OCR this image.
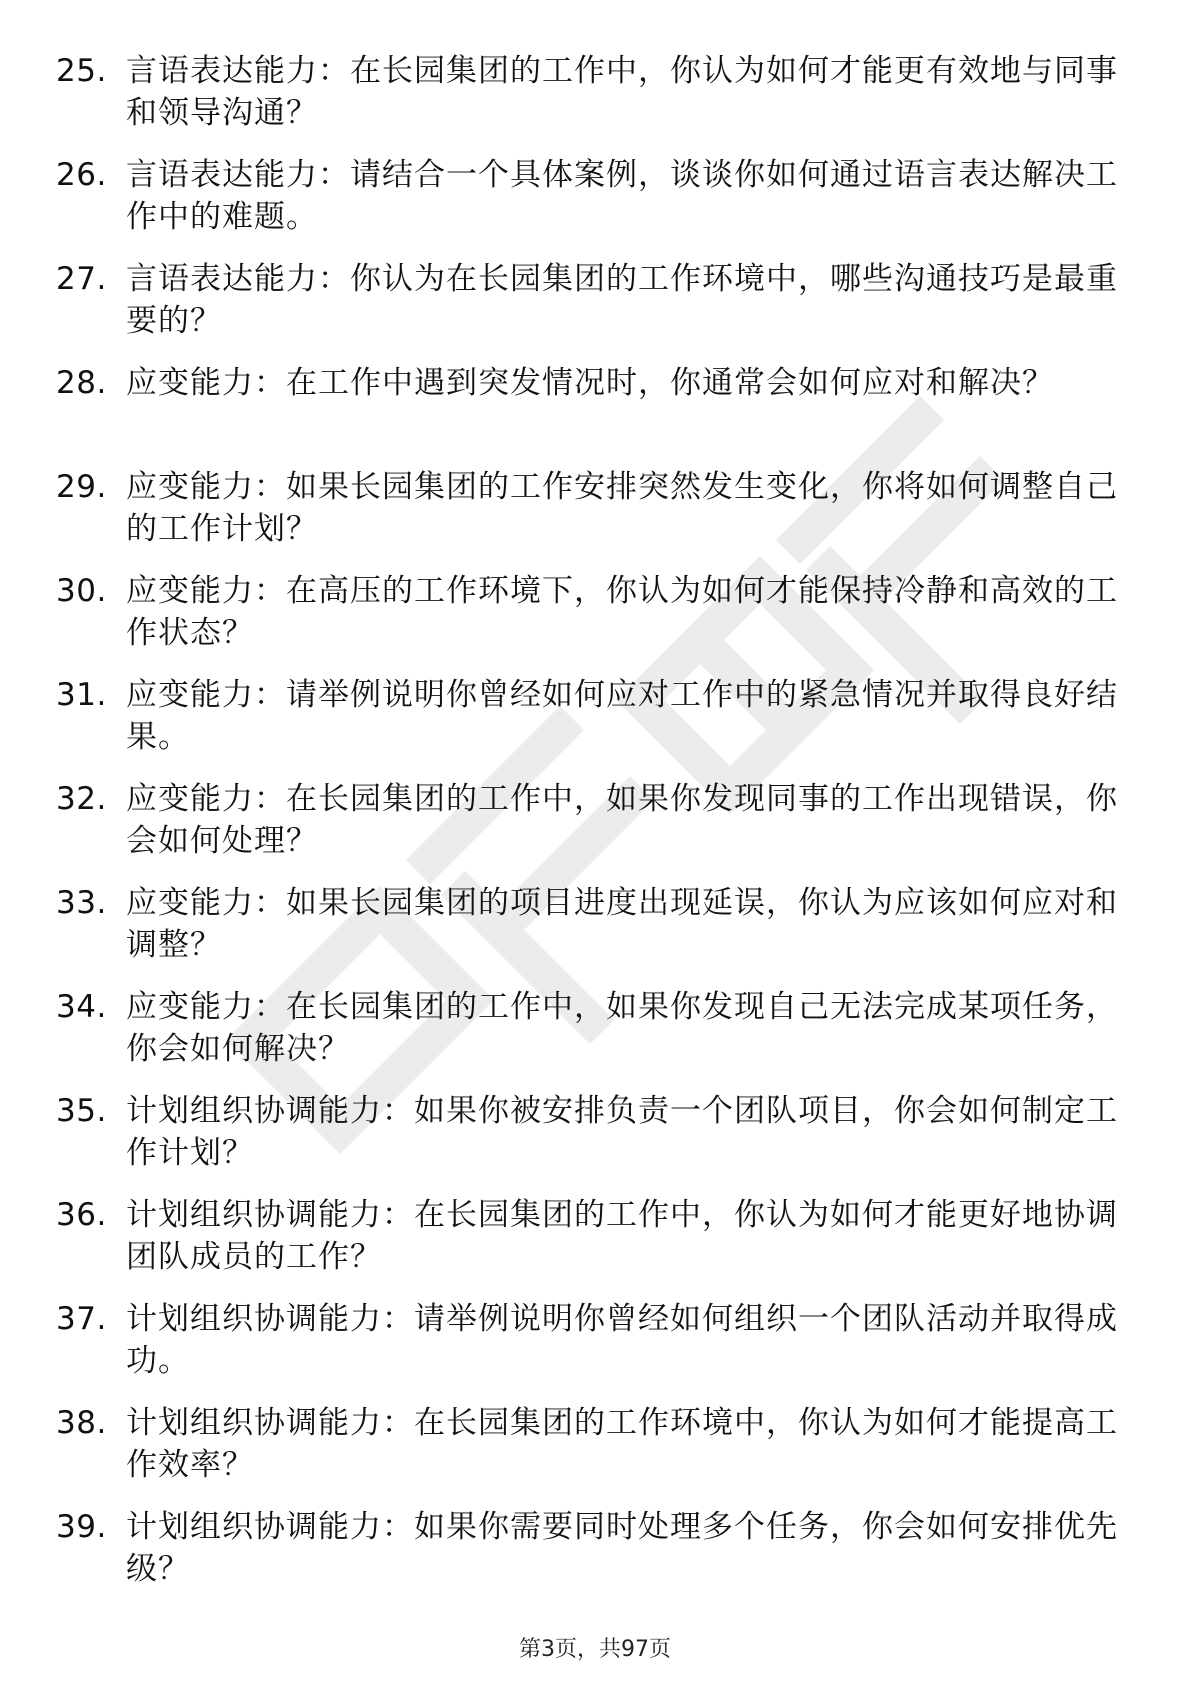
25. 言语表达能力：在长园集团的工作中，你认为如何才能更有效地与同事和领导沟通？
26. 言语表达能力：请结合一个具体案例，谈谈你如何通过语言表达解决工作中的难题。
27. 言语表达能力：你认为在长园集团的工作环境中，哪些沟通技巧是最重要的？
28. 应变能力：在工作中遇到突发情况时，你通常会如何应对和解决？
29. 应变能力：如果长园集团的工作安排突然发生变化，你将如何调整自己的工作计划？
30. 应变能力：在高压的工作环境下，你认为如何才能保持冷静和高效的工作状态？
31. 应变能力：请举例说明你曾经如何应对工作中的紧急情况并取得良好结果。
32. 应变能力：在长园集团的工作中，如果你发现同事的工作出现错误，你会如何处理？
33. 应变能力：如果长园集团的项目进度出现延误，你认为应该如何应对和调整？
34. 应变能力：在长园集团的工作中，如果你发现自己无法完成某项任务，你会如何解决？
35. 计划组织协调能力：如果你被安排负责一个团队项目，你会如何制定工作计划？
36. 计划组织协调能力：在长园集团的工作中，你认为如何才能更好地协调团队成员的工作？
37. 计划组织协调能力：请举例说明你曾经如何组织一个团队活动并取得成功。
38. 计划组织协调能力：在长园集团的工作环境中，你认为如何才能提高工作效率？
39. 计划组织协调能力：如果你需要同时处理多个任务，你会如何安排优先级？
第3页，共97页
